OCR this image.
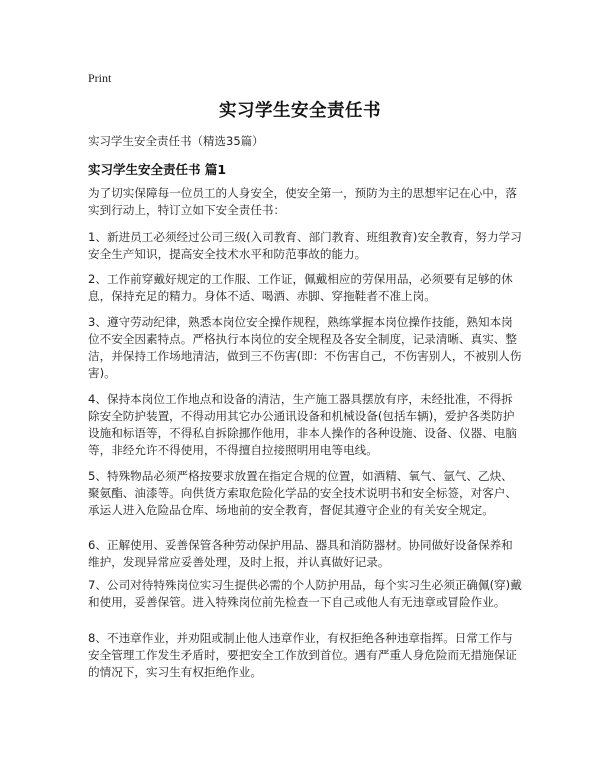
Print
实习学生安全责任书
实习学生安全责任书（精选35篇）
实习学生安全责任书 篇1

为了切实保障每一位员工的人身安全，使安全第一，预防为主的思想牢记在心中，落实到行动上，特订立如下安全责任书：

1、新进员工必须经过公司三级(入司教育、部门教育、班组教育)安全教育，努力学习安全生产知识，提高安全技术水平和防范事故的能力。

2、工作前穿戴好规定的工作服、工作证，佩戴相应的劳保用品，必须要有足够的休息，保持充足的精力。身体不适、喝酒、赤脚、穿拖鞋者不准上岗。

3、遵守劳动纪律，熟悉本岗位安全操作规程，熟练掌握本岗位操作技能，熟知本岗位不安全因素特点。严格执行本岗位的安全规程及各安全制度，记录清晰、真实、整洁，并保持工作场地清洁，做到三不伤害(即：不伤害自己，不伤害别人，不被别人伤害)。

4、保持本岗位工作地点和设备的清洁，生产施工器具摆放有序，未经批准，不得拆除安全防护装置，不得动用其它办公通讯设备和机械设备(包括车辆)，爱护各类防护设施和标语等，不得私自拆除挪作他用，非本人操作的各种设施、设备、仪器、电脑等，非经允许不得使用，不得擅自拉接照明用电等电线。

5、特殊物品必须严格按要求放置在指定合规的位置，如酒精、氧气、氩气、乙炔、聚氨酯、油漆等。向供货方索取危险化学品的安全技术说明书和安全标签，对客户、承运人进入危险品仓库、场地前的安全教育，督促其遵守企业的有关安全规定。

6、正解使用、妥善保管各种劳动保护用品、器具和消防器材。协同做好设备保养和维护，发现异常应妥善处理，及时上报，并认真做好记录。

7、公司对待特殊岗位实习生提供必需的个人防护用品，每个实习生必须正确佩(穿)戴和使用，妥善保管。进入特殊岗位前先检查一下自己或他人有无违章或冒险作业。

8、不违章作业，并劝阻或制止他人违章作业，有权拒绝各种违章指挥。日常工作与安全管理工作发生矛盾时，要把安全工作放到首位。遇有严重人身危险而无措施保证的情况下，实习生有权拒绝作业。
